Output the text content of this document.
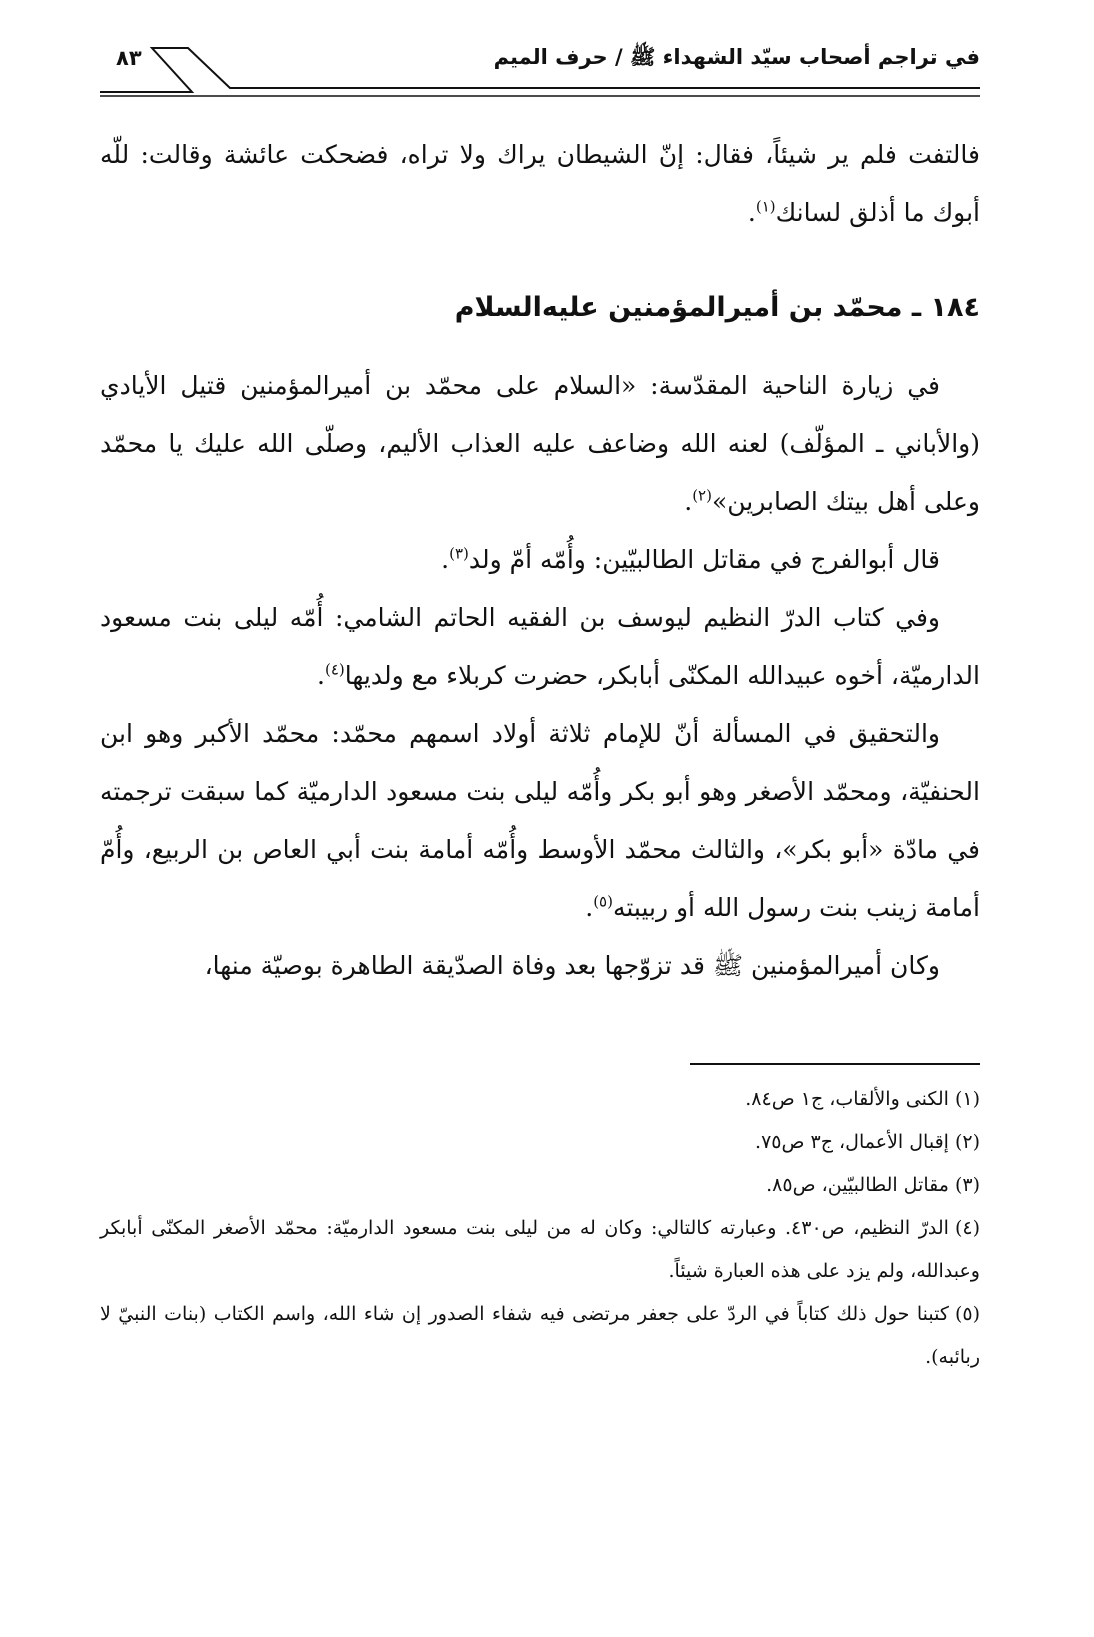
في تراجم أصحاب سيّد الشهداء ﷺ / حرف الميم
٨٣

فالتفت فلم ير شيئاً، فقال: إنّ الشيطان يراك ولا تراه، فضحكت عائشة وقالت: للّه أبوك ما أذلق لسانك$^{(١)}$.

١٨٤ ـ محمّد بن أميرالمؤمنين عليه‌السلام

في زيارة الناحية المقدّسة: «السلام على محمّد بن أميرالمؤمنين قتيل الأيادي (والأباني ـ المؤلّف) لعنه الله وضاعف عليه العذاب الأليم، وصلّى الله عليك يا محمّد وعلى أهل بيتك الصابرين»$^{(٢)}$.

قال أبوالفرج في مقاتل الطالبيّين: وأُمّه أمّ ولد$^{(٣)}$.

وفي كتاب الدرّ النظيم ليوسف بن الفقيه الحاتم الشامي: أُمّه ليلى بنت مسعود الدارميّة، أخوه عبيدالله المكنّى أبابكر، حضرت كربلاء مع ولديها$^{(٤)}$.

والتحقيق في المسألة أنّ للإمام ثلاثة أولاد اسمهم محمّد: محمّد الأكبر وهو ابن الحنفيّة، ومحمّد الأصغر وهو أبو بكر وأُمّه ليلى بنت مسعود الدارميّة كما سبقت ترجمته في مادّة «أبو بكر»، والثالث محمّد الأوسط وأُمّه أمامة بنت أبي العاص بن الربيع، وأُمّ أمامة زينب بنت رسول الله أو ربيبته$^{(٥)}$.

وكان أميرالمؤمنين ﷺ قد تزوّجها بعد وفاة الصدّيقة الطاهرة بوصيّة منها،

(١)الكنى والألقاب، ج١ ص٨٤.

(٢)إقبال الأعمال، ج٣ ص٧٥.

(٣)مقاتل الطالبيّين، ص٨٥.

(٤)الدرّ النظيم، ص٤٣٠. وعبارته كالتالي: وكان له من ليلى بنت مسعود الدارميّة: محمّد الأصغر المكنّى أبابكر وعبدالله، ولم يزد على هذه العبارة شيئاً.

(٥)كتبنا حول ذلك كتاباً في الردّ على جعفر مرتضى فيه شفاء الصدور إن شاء الله، واسم الكتاب (بنات النبيّ لا ربائبه).
